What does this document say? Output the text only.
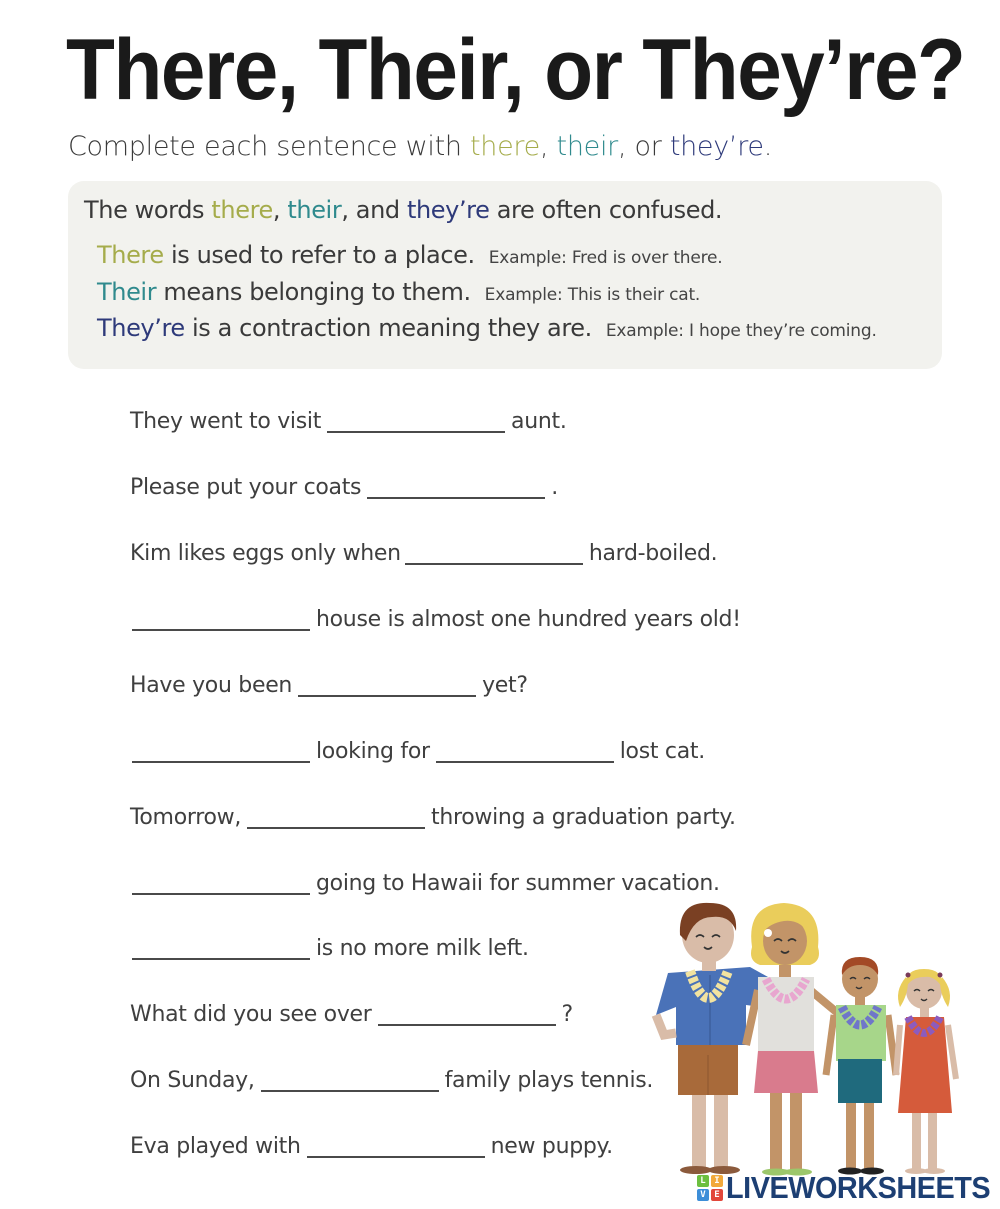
There, Their, or They’re?

Complete each sentence with there, their, or they’re.

The words there, their, and they’re are often confused.

There is used to refer to a place. Example: Fred is over there.

Their means belonging to them. Example: This is their cat.

They’re is a contraction meaning they are. Example: I hope they’re coming.

They went to visit	aunt.
Please put your coats	.
Kim likes eggs only when	hard-boiled.
house is almost one hundred years old!
Have you been	yet?
looking for	lost cat.
Tomorrow,	throwing a graduation party.
going to Hawaii for summer vacation.
is no more milk left.
What did you see over	?
On Sunday,	family plays tennis.
Eva played with	new puppy.
L I
V E LIVEWORKSHEETS
